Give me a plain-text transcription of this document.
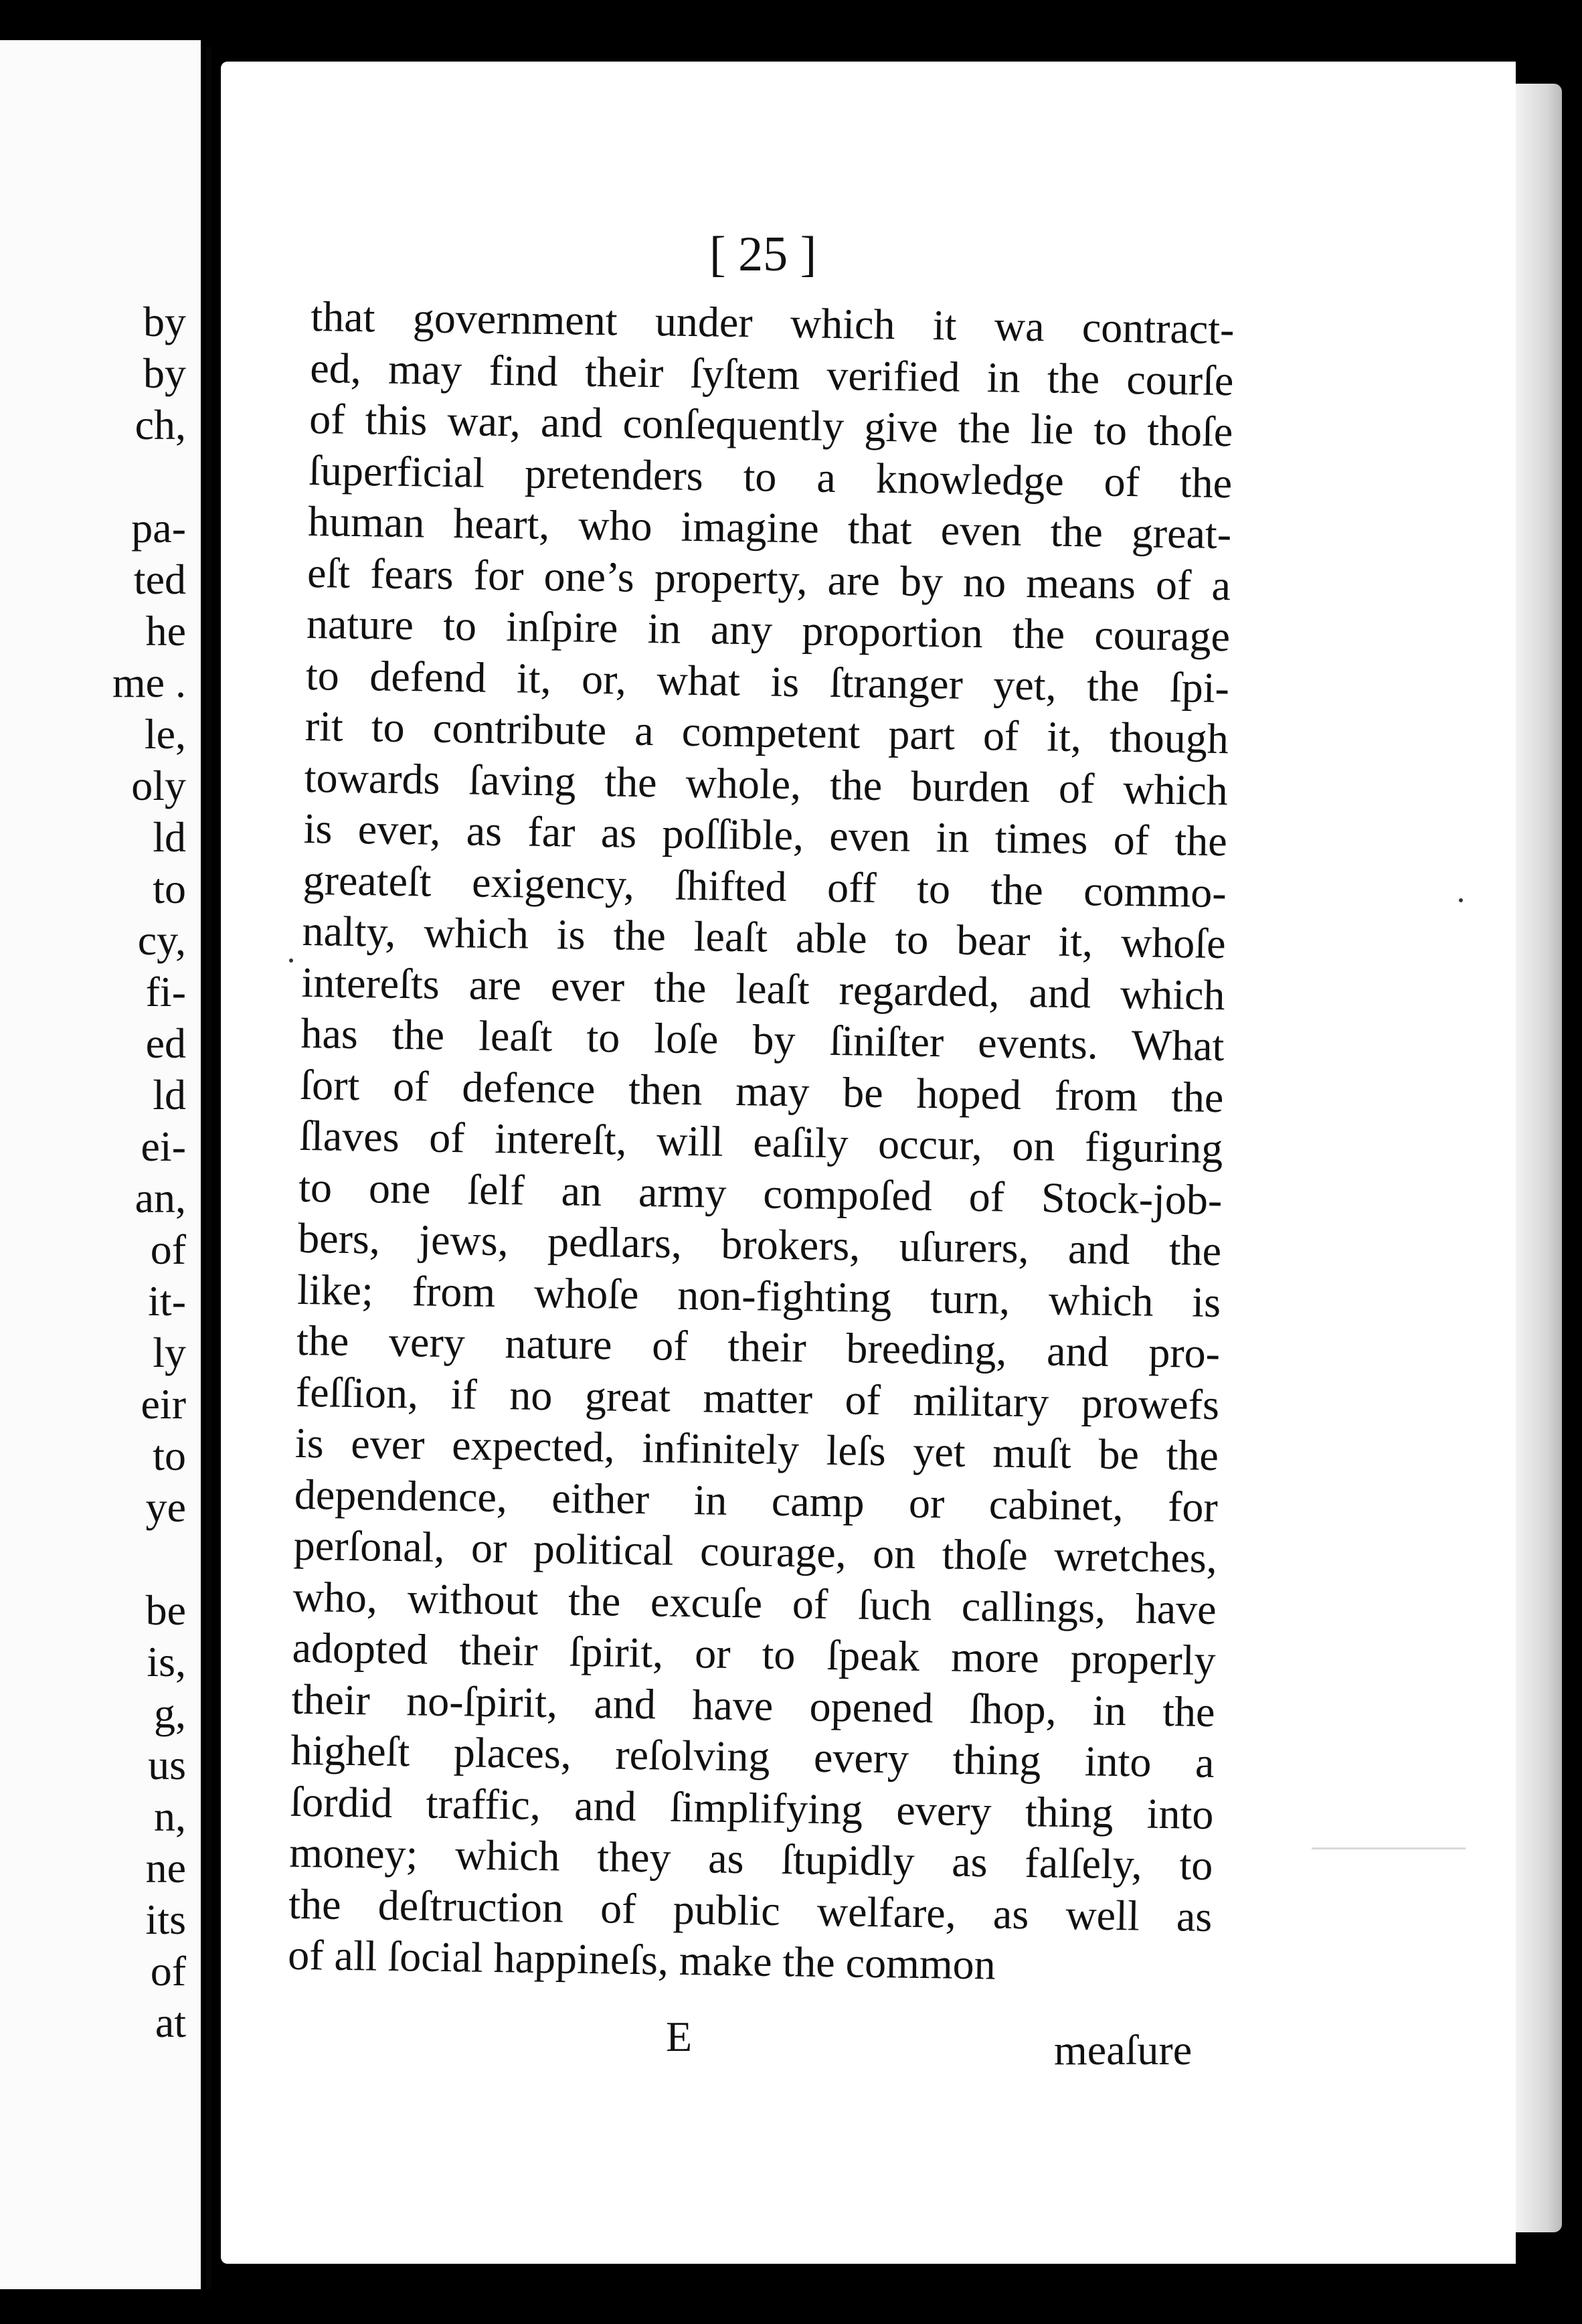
by
by
ch,
pa-
ted
he
me .
le,
oly
ld
to
cy,
fi-
ed
ld
ei-
an,
of
it-
ly
eir
to
ye
be
is,
g,
us
n,
ne
its
of
at
[ 25 ]
that government under which it wa contract-
ed, may find their ſyſtem verified in the courſe
of this war, and conſequently give the lie to thoſe
ſuperficial pretenders to a knowledge of the
human heart, who imagine that even the great-
eſt fears for one’s property, are by no means of a
nature to inſpire in any proportion the courage
to defend it, or, what is ſtranger yet, the ſpi-
rit to contribute a competent part of it, though
towards ſaving the whole, the burden of which
is ever, as far as poſſible, even in times of the
greateſt exigency, ſhifted off to the commo-
nalty, which is the leaſt able to bear it, whoſe
intereſts are ever the leaſt regarded, and which
has the leaſt to loſe by ſiniſter events. What
ſort of defence then may be hoped from the
ſlaves of intereſt, will eaſily occur, on figuring
to one ſelf an army compoſed of Stock-job-
bers, jews, pedlars, brokers, uſurers, and the
like; from whoſe non-fighting turn, which is
the very nature of their breeding, and pro-
feſſion, if no great matter of military prowefs
is ever expected, infinitely leſs yet muſt be the
dependence, either in camp or cabinet, for
perſonal, or political courage, on thoſe wretches,
who, without the excuſe of ſuch callings, have
adopted their ſpirit, or to ſpeak more properly
their no-ſpirit, and have opened ſhop, in the
higheſt places, reſolving every thing into a
ſordid traffic, and ſimplifying every thing into
money; which they as ſtupidly as falſely, to
the deſtruction of public welfare, as well as
of all ſocial happineſs, make the common
E	meaſure
